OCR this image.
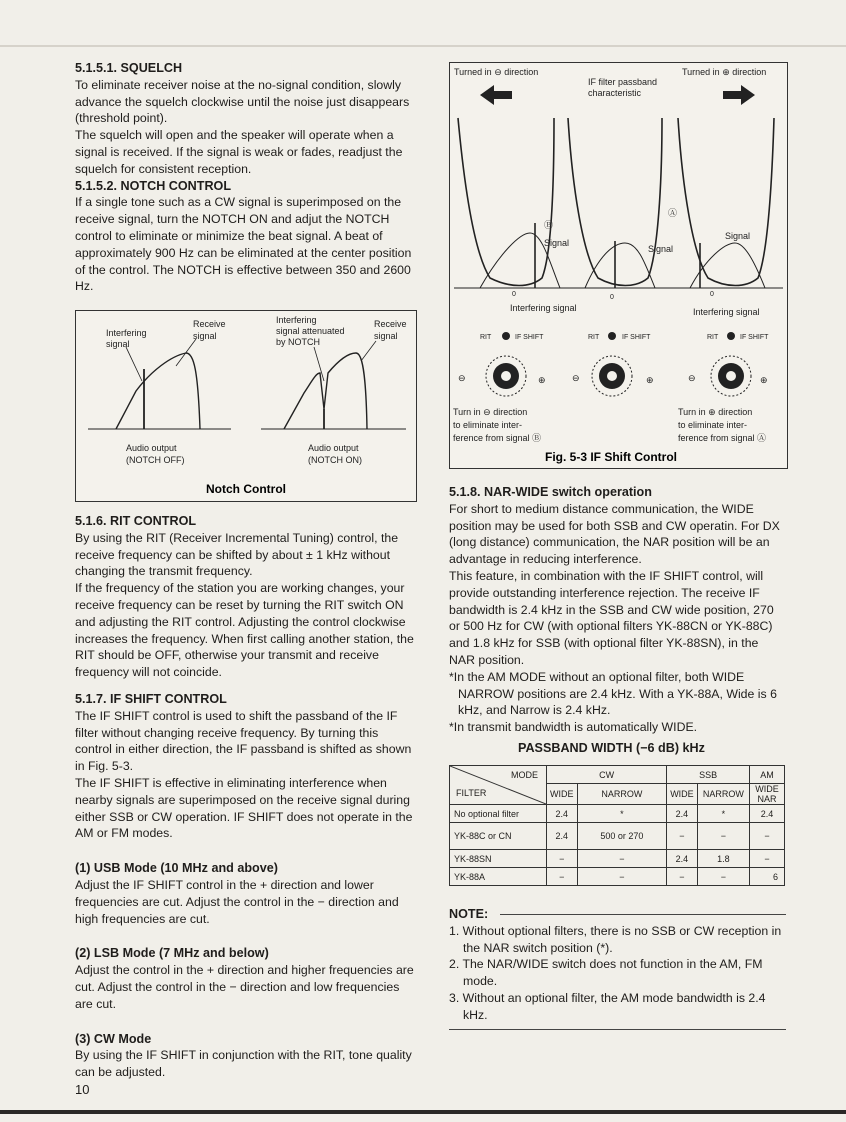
5.1.5.1. SQUELCH

To eliminate receiver noise at the no-signal condition, slowly advance the squelch clockwise until the noise just disappears (threshold point).

The squelch will open and the speaker will operate when a signal is received. If the signal is weak or fades, readjust the squelch for consistent reception.

5.1.5.2. NOTCH CONTROL

If a single tone such as a CW signal is superimposed on the receive signal, turn the NOTCH ON and adjut the NOTCH control to eliminate or minimize the beat signal. A beat of approximately 900 Hz can be eliminated at the center position of the control. The NOTCH is effective between 350 and 2600 Hz.

Interfering
signal
Receive
signal
Audio output
(NOTCH OFF)
Interfering
signal attenuated
by NOTCH
Receive
signal
Audio output
(NOTCH ON)
Notch Control

5.1.6. RIT CONTROL

By using the RIT (Receiver Incremental Tuning) control, the receive frequency can be shifted by about ± 1 kHz without changing the transmit frequency.

If the frequency of the station you are working changes, your receive frequency can be reset by turning the RIT switch ON and adjusting the RIT control. Adjusting the control clockwise increases the frequency. When first calling another station, the RIT should be OFF, otherwise your transmit and receive frequency will not coincide.

5.1.7. IF SHIFT CONTROL

The IF SHIFT control is used to shift the passband of the IF filter without changing receive frequency. By turning this control in either direction, the IF passband is shifted as shown in Fig. 5-3.

The IF SHIFT is effective in eliminating interference when nearby signals are superimposed on the receive signal during either SSB or CW operation. IF SHIFT does not operate in the AM or FM modes.

(1) USB Mode (10 MHz and above)

Adjust the IF SHIFT control in the + direction and lower frequencies are cut. Adjust the control in the − direction and high frequencies are cut.

(2) LSB Mode (7 MHz and below)

Adjust the control in the + direction and higher frequencies are cut. Adjust the control in the − direction and low frequencies are cut.

(3) CW Mode

By using the IF SHIFT in conjunction with the RIT, tone quality can be adjusted.

Turned in ⊖ direction	Turned in ⊕ direction
IF filter passband
characteristic
Ⓑ
Signal
Ⓐ
Signal
Signal
0	0	0
Interfering signal	Interfering signal
RIT	IF SHIFT
⊖	⊕
RIT	IF SHIFT
⊖	⊕
RIT	IF SHIFT
⊖	⊕
Turn in ⊖ direction
to eliminate inter-
ference from signal Ⓑ
Turn in ⊕ direction
to eliminate inter-
ference from signal Ⓐ
Fig. 5-3 IF Shift Control

5.1.8. NAR-WIDE switch operation

For short to medium distance communication, the WIDE position may be used for both SSB and CW operatin. For DX (long distance) communication, the NAR position will be an advantage in reducing interference.

This feature, in combination with the IF SHIFT control, will provide outstanding interference rejection. The receive IF bandwidth is 2.4 kHz in the SSB and CW wide position, 270 or 500 Hz for CW (with optional filters YK-88CN or YK-88C) and 1.8 kHz for SSB (with optional filter YK-88SN), in the NAR position.

*In the AM MODE without an optional filter, both WIDE NARROW positions are 2.4 kHz. With a YK-88A, Wide is 6 kHz, and Narrow is 2.4 kHz.

*In transmit bandwidth is automatically WIDE.

PASSBAND WIDTH (−6 dB) kHz
MODE
FILTER	CW		SSB		AM
	WIDE	NARROW	WIDE	NARROW	WIDE NAR
No optional filter	2.4	*	2.4	*	2.4
YK-88C or CN	2.4	500 or 270	−	−	−
YK-88SN	−	−	2.4	1.8	−
YK-88A	−	−	−	−	6

NOTE:

1. Without optional filters, there is no SSB or CW reception in the NAR switch position (*).

2. The NAR/WIDE switch does not function in the AM, FM mode.

3. Without an optional filter, the AM mode bandwidth is 2.4 kHz.

10
